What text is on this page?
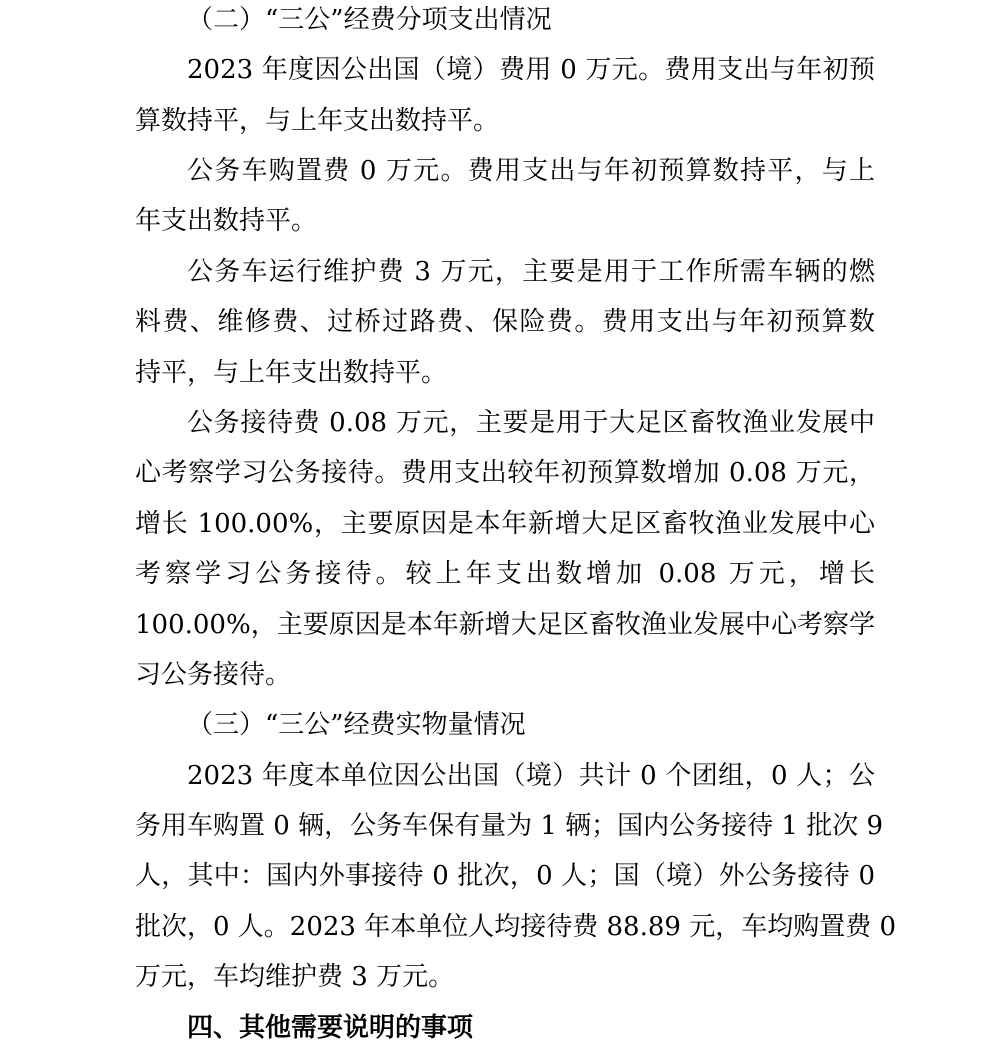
（二）“三公”经费分项支出情况
2023 年度因公出国（境）费用 0 万元。费用支出与年初预
算数持平，与上年支出数持平。
公务车购置费 0 万元。费用支出与年初预算数持平，与上
年支出数持平。
公务车运行维护费 3 万元，主要是用于工作所需车辆的燃
料费、维修费、过桥过路费、保险费。费用支出与年初预算数
持平，与上年支出数持平。
公务接待费 0.08 万元，主要是用于大足区畜牧渔业发展中
心考察学习公务接待。费用支出较年初预算数增加 0.08 万元，
增长 100.00%，主要原因是本年新增大足区畜牧渔业发展中心
考察学习公务接待。较上年支出数增加 0.08 万元，增长
100.00%，主要原因是本年新增大足区畜牧渔业发展中心考察学
习公务接待。
（三）“三公”经费实物量情况
2023 年度本单位因公出国（境）共计 0 个团组，0 人；公
务用车购置 0 辆，公务车保有量为 1 辆；国内公务接待 1 批次 9
人，其中：国内外事接待 0 批次，0 人；国（境）外公务接待 0
批次，0 人。2023 年本单位人均接待费 88.89 元，车均购置费 0
万元，车均维护费 3 万元。
四、其他需要说明的事项
